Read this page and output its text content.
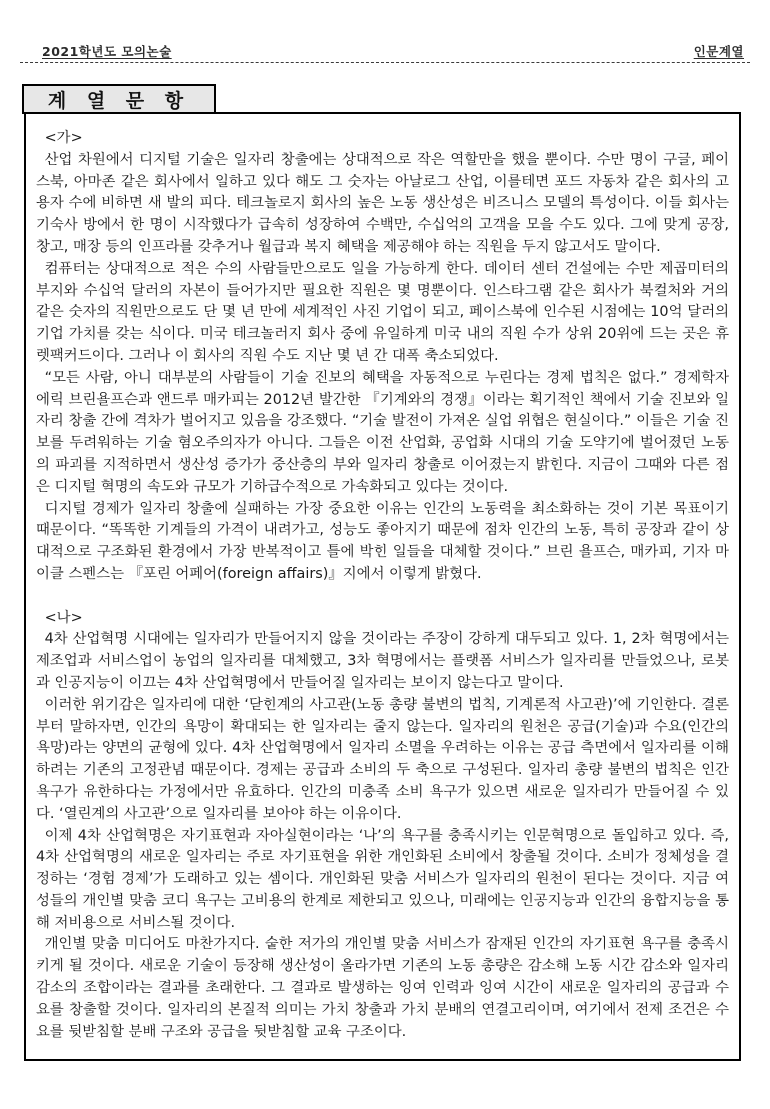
2021학년도 모의논술	인문계열
계 열 문 항

<가>

산업 차원에서 디지털 기술은 일자리 창출에는 상대적으로 작은 역할만을 했을 뿐이다. 수만 명이 구글, 페이스북, 아마존 같은 회사에서 일하고 있다 해도 그 숫자는 아날로그 산업, 이를테면 포드 자동차 같은 회사의 고용자 수에 비하면 새 발의 피다. 테크놀로지 회사의 높은 노동 생산성은 비즈니스 모델의 특성이다. 이들 회사는 기숙사 방에서 한 명이 시작했다가 급속히 성장하여 수백만, 수십억의 고객을 모을 수도 있다. 그에 맞게 공장, 창고, 매장 등의 인프라를 갖추거나 월급과 복지 혜택을 제공해야 하는 직원을 두지 않고서도 말이다.

컴퓨터는 상대적으로 적은 수의 사람들만으로도 일을 가능하게 한다. 데이터 센터 건설에는 수만 제곱미터의 부지와 수십억 달러의 자본이 들어가지만 필요한 직원은 몇 명뿐이다. 인스타그램 같은 회사가 북컬처와 거의 같은 숫자의 직원만으로도 단 몇 년 만에 세계적인 사진 기업이 되고, 페이스북에 인수된 시점에는 10억 달러의 기업 가치를 갖는 식이다. 미국 테크놀러지 회사 중에 유일하게 미국 내의 직원 수가 상위 20위에 드는 곳은 휴렛팩커드이다. 그러나 이 회사의 직원 수도 지난 몇 년 간 대폭 축소되었다.

“모든 사람, 아니 대부분의 사람들이 기술 진보의 혜택을 자동적으로 누린다는 경제 법칙은 없다.” 경제학자 에릭 브린욜프슨과 앤드루 매카피는 2012년 발간한 『기계와의 경쟁』이라는 획기적인 책에서 기술 진보와 일자리 창출 간에 격차가 벌어지고 있음을 강조했다. “기술 발전이 가져온 실업 위협은 현실이다.” 이들은 기술 진보를 두려워하는 기술 혐오주의자가 아니다. 그들은 이전 산업화, 공업화 시대의 기술 도약기에 벌어졌던 노동의 파괴를 지적하면서 생산성 증가가 중산층의 부와 일자리 창출로 이어졌는지 밝힌다. 지금이 그때와 다른 점은 디지털 혁명의 속도와 규모가 기하급수적으로 가속화되고 있다는 것이다.

디지털 경제가 일자리 창출에 실패하는 가장 중요한 이유는 인간의 노동력을 최소화하는 것이 기본 목표이기 때문이다. “똑똑한 기계들의 가격이 내려가고, 성능도 좋아지기 때문에 점차 인간의 노동, 특히 공장과 같이 상대적으로 구조화된 환경에서 가장 반복적이고 틀에 박힌 일들을 대체할 것이다.” 브린 욜프슨, 매카피, 기자 마이클 스펜스는 『포린 어페어(foreign affairs)』지에서 이렇게 밝혔다.

<나>

4차 산업혁명 시대에는 일자리가 만들어지지 않을 것이라는 주장이 강하게 대두되고 있다. 1, 2차 혁명에서는 제조업과 서비스업이 농업의 일자리를 대체했고, 3차 혁명에서는 플랫폼 서비스가 일자리를 만들었으나, 로봇과 인공지능이 이끄는 4차 산업혁명에서 만들어질 일자리는 보이지 않는다고 말이다.

이러한 위기감은 일자리에 대한 ‘닫힌계의 사고관(노동 총량 불변의 법칙, 기계론적 사고관)’에 기인한다. 결론부터 말하자면, 인간의 욕망이 확대되는 한 일자리는 줄지 않는다. 일자리의 원천은 공급(기술)과 수요(인간의 욕망)라는 양면의 균형에 있다. 4차 산업혁명에서 일자리 소멸을 우려하는 이유는 공급 측면에서 일자리를 이해하려는 기존의 고정관념 때문이다. 경제는 공급과 소비의 두 축으로 구성된다. 일자리 총량 불변의 법칙은 인간 욕구가 유한하다는 가정에서만 유효하다. 인간의 미충족 소비 욕구가 있으면 새로운 일자리가 만들어질 수 있다. ‘열린계의 사고관’으로 일자리를 보아야 하는 이유이다.

이제 4차 산업혁명은 자기표현과 자아실현이라는 ‘나’의 욕구를 충족시키는 인문혁명으로 돌입하고 있다. 즉, 4차 산업혁명의 새로운 일자리는 주로 자기표현을 위한 개인화된 소비에서 창출될 것이다. 소비가 정체성을 결정하는 ‘경험 경제’가 도래하고 있는 셈이다. 개인화된 맞춤 서비스가 일자리의 원천이 된다는 것이다. 지금 여성들의 개인별 맞춤 코디 욕구는 고비용의 한계로 제한되고 있으나, 미래에는 인공지능과 인간의 융합지능을 통해 저비용으로 서비스될 것이다.

개인별 맞춤 미디어도 마찬가지다. 숱한 저가의 개인별 맞춤 서비스가 잠재된 인간의 자기표현 욕구를 충족시키게 될 것이다. 새로운 기술이 등장해 생산성이 올라가면 기존의 노동 총량은 감소해 노동 시간 감소와 일자리 감소의 조합이라는 결과를 초래한다. 그 결과로 발생하는 잉여 인력과 잉여 시간이 새로운 일자리의 공급과 수요를 창출할 것이다. 일자리의 본질적 의미는 가치 창출과 가치 분배의 연결고리이며, 여기에서 전제 조건은 수요를 뒷받침할 분배 구조와 공급을 뒷받침할 교육 구조이다.
